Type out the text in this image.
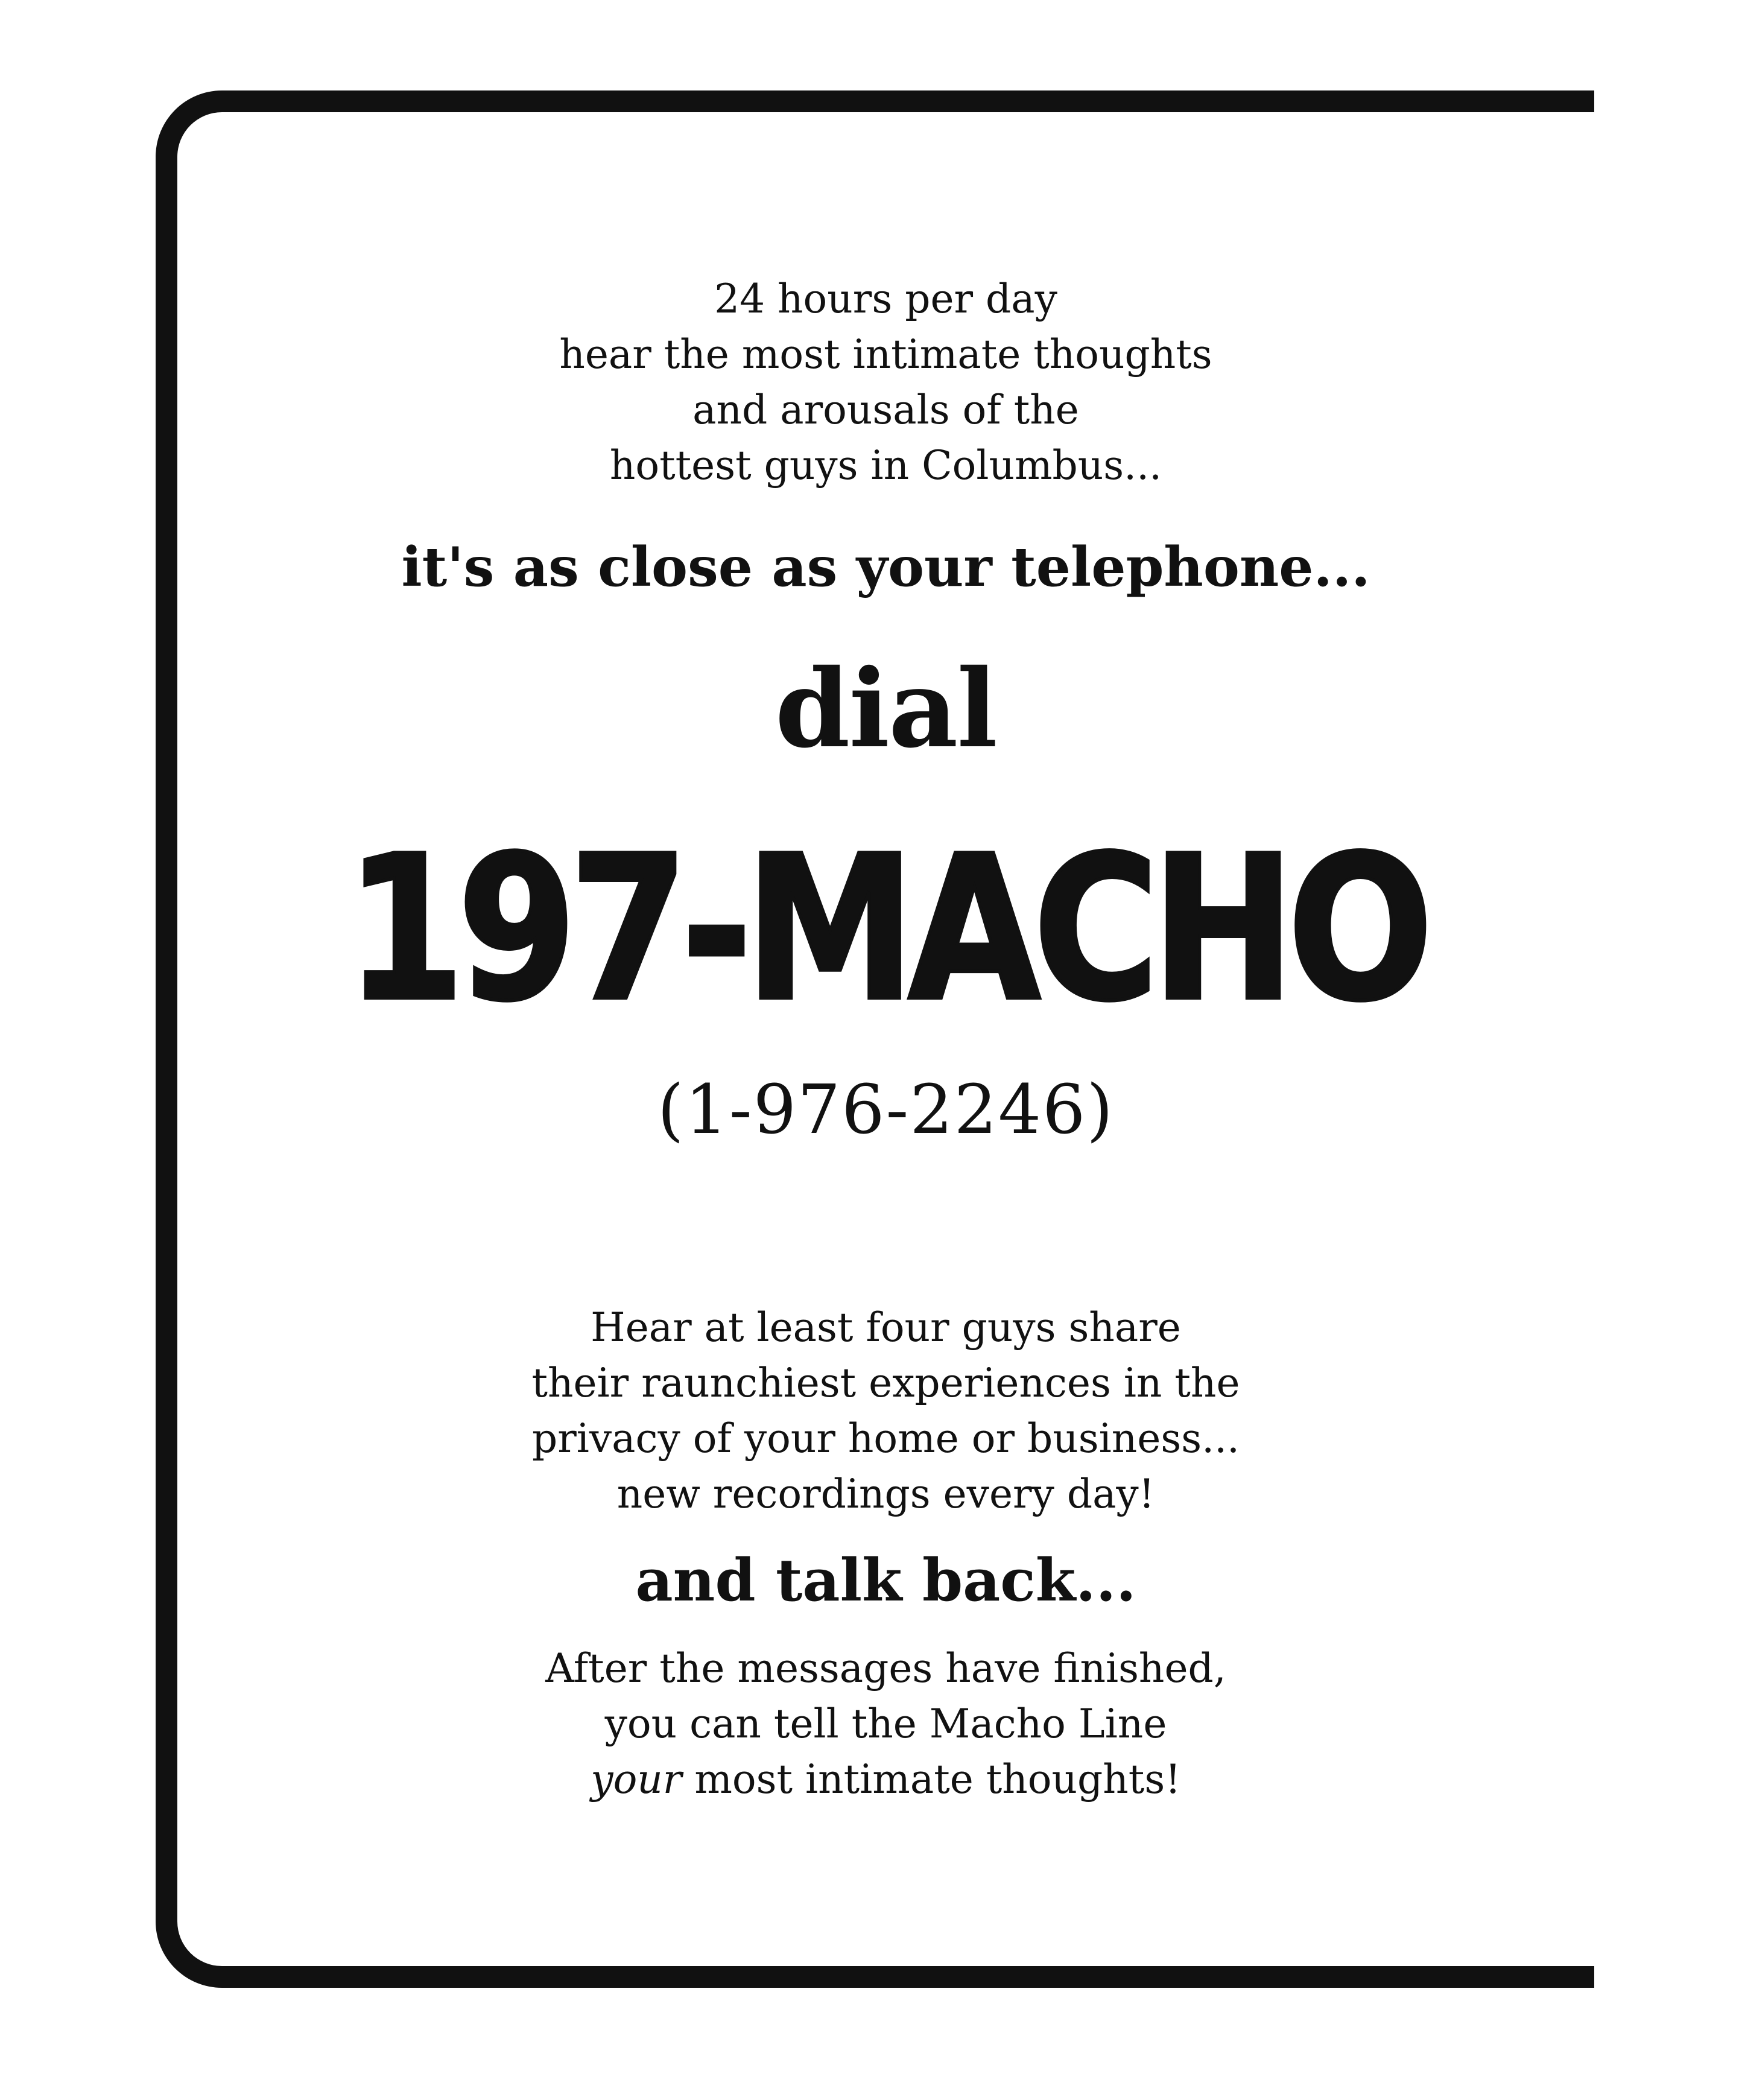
24 hours per day
hear the most intimate thoughts
and arousals of the
hottest guys in Columbus...
it's as close as your telephone...
dial
197-MACHO
(1-976-2246)
Hear at least four guys share
their raunchiest experiences in the
privacy of your home or business...
new recordings every day!
and talk back...
After the messages have finished,
you can tell the Macho Line
your most intimate thoughts!
